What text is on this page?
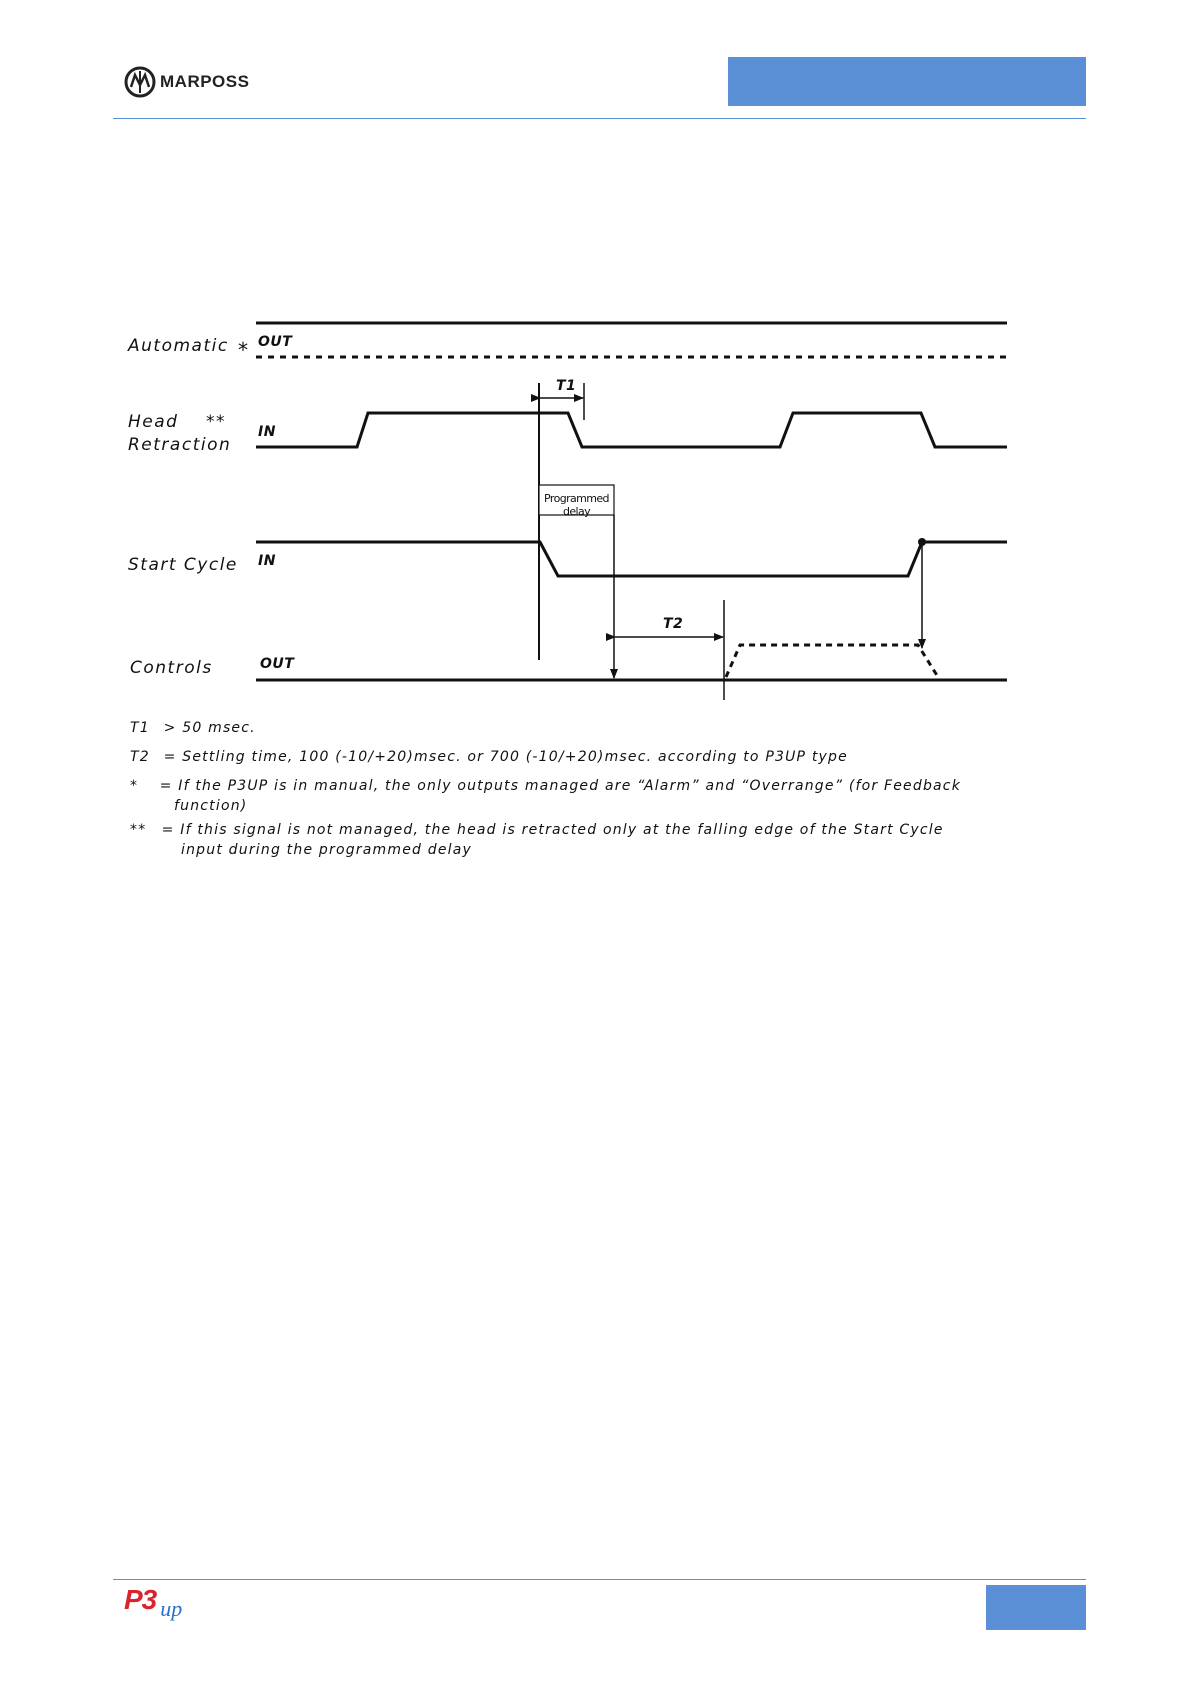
MARPOSS
Automatic * OUT
Head **
Retraction
IN
Start Cycle IN
Controls	OUT
T1
Programmed delay
T2
T1 > 50 msec.
T2 = Settling time, 100 (-10/+20)msec. or 700 (-10/+20)msec. according to P3UP type
* = If the P3UP is in manual, the only outputs managed are “Alarm” and “Overrange” (for Feedback
function)
** = If this signal is not managed, the head is retracted only at the falling edge of the Start Cycle
input during the programmed delay
P3 up
